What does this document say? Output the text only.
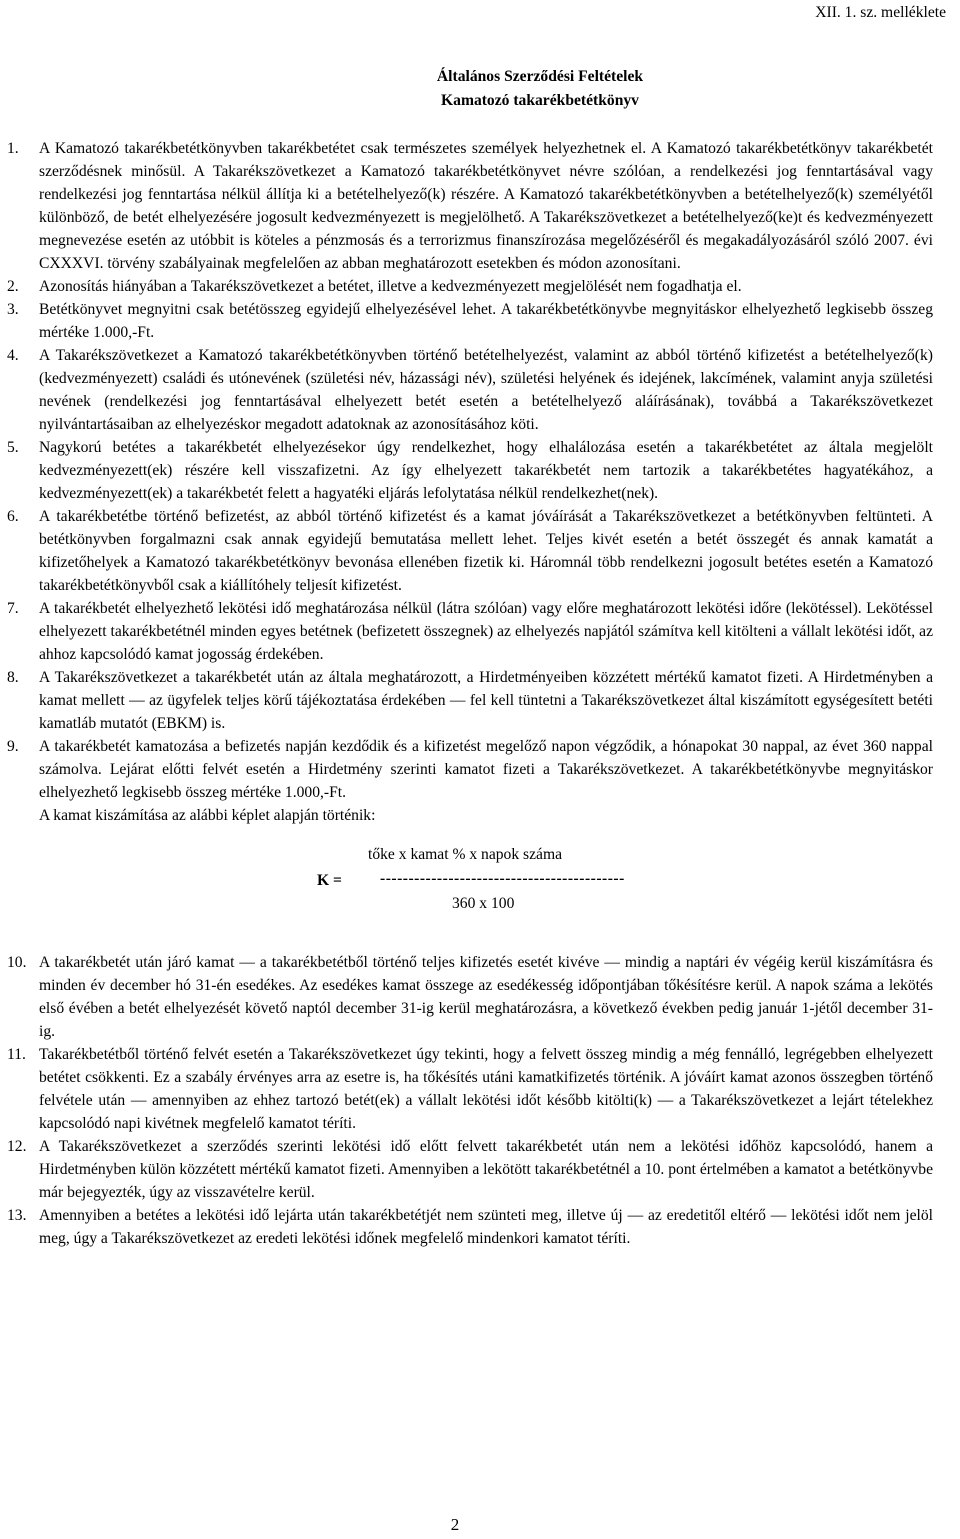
XII. 1. sz. melléklete
Általános Szerződési Feltételek
Kamatozó takarékbetétkönyv
1. A Kamatozó takarékbetétkönyvben takarékbetétet csak természetes személyek helyezhetnek el. A Kamatozó takarékbetétkönyv takarékbetét szerződésnek minősül. A Takarékszövetkezet a Kamatozó takarékbetétkönyvet névre szólóan, a rendelkezési jog fenntartásával vagy rendelkezési jog fenntartása nélkül állítja ki a betételhelyező(k) részére. A Kamatozó takarékbetétkönyvben a betételhelyező(k) személyétől különböző, de betét elhelyezésére jogosult kedvezményezett is megjelölhető. A Takarékszövetkezet a betételhelyező(ke)t és kedvezményezett megnevezése esetén az utóbbit is köteles a pénzmosás és a terrorizmus finanszírozása megelőzéséről és megakadályozásáról szóló 2007. évi CXXXVI. törvény szabályainak megfelelően az abban meghatározott esetekben és módon azonosítani.

2. Azonosítás hiányában a Takarékszövetkezet a betétet, illetve a kedvezményezett megjelölését nem fogadhatja el.

3. Betétkönyvet megnyitni csak betétösszeg egyidejű elhelyezésével lehet. A takarékbetétkönyvbe megnyitáskor elhelyezhető legkisebb összeg mértéke 1.000,-Ft.

4. A Takarékszövetkezet a Kamatozó takarékbetétkönyvben történő betételhelyezést, valamint az abból történő kifizetést a betételhelyező(k) (kedvezményezett) családi és utónevének (születési név, házassági név), születési helyének és idejének, lakcímének, valamint anyja születési nevének (rendelkezési jog fenntartásával elhelyezett betét esetén a betételhelyező aláírásának), továbbá a Takarékszövetkezet nyilvántartásaiban az elhelyezéskor megadott adatoknak az azonosításához köti.

5. Nagykorú betétes a takarékbetét elhelyezésekor úgy rendelkezhet, hogy elhalálozása esetén a takarékbetétet az általa megjelölt kedvezményezett(ek) részére kell visszafizetni. Az így elhelyezett takarékbetét nem tartozik a takarékbetétes hagyatékához, a kedvezményezett(ek) a takarékbetét felett a hagyatéki eljárás lefolytatása nélkül rendelkezhet(nek).

6. A takarékbetétbe történő befizetést, az abból történő kifizetést és a kamat jóváírását a Takarékszövetkezet a betétkönyvben feltünteti. A betétkönyvben forgalmazni csak annak egyidejű bemutatása mellett lehet. Teljes kivét esetén a betét összegét és annak kamatát a kifizetőhelyek a Kamatozó takarékbetétkönyv bevonása ellenében fizetik ki. Háromnál több rendelkezni jogosult betétes esetén a Kamatozó takarékbetétkönyvből csak a kiállítóhely teljesít kifizetést.

7. A takarékbetét elhelyezhető lekötési idő meghatározása nélkül (látra szólóan) vagy előre meghatározott lekötési időre (lekötéssel). Lekötéssel elhelyezett takarékbetétnél minden egyes betétnek (befizetett összegnek) az elhelyezés napjától számítva kell kitölteni a vállalt lekötési időt, az ahhoz kapcsolódó kamat jogosság érdekében.

8. A Takarékszövetkezet a takarékbetét után az általa meghatározott, a Hirdetményeiben közzétett mértékű kamatot fizeti. A Hirdetményben a kamat mellett — az ügyfelek teljes körű tájékoztatása érdekében — fel kell tüntetni a Takarékszövetkezet által kiszámított egységesített betéti kamatláb mutatót (EBKM) is.

9. A takarékbetét kamatozása a befizetés napján kezdődik és a kifizetést megelőző napon végződik, a hónapokat 30 nappal, az évet 360 nappal számolva. Lejárat előtti felvét esetén a Hirdetmény szerinti kamatot fizeti a Takarékszövetkezet. A takarékbetétkönyvbe megnyitáskor elhelyezhető legkisebb összeg mértéke 1.000,-Ft.

A kamat kiszámítása az alábbi képlet alapján történik:

tőke x kamat % x napok száma
K = -------------------------------------------
360 x 100
10. A takarékbetét után járó kamat — a takarékbetétből történő teljes kifizetés esetét kivéve — mindig a naptári év végéig kerül kiszámításra és minden év december hó 31-én esedékes. Az esedékes kamat összege az esedékesség időpontjában tőkésítésre kerül. A napok száma a lekötés első évében a betét elhelyezését követő naptól december 31-ig kerül meghatározásra, a következő években pedig január 1-jétől december 31-ig.

11. Takarékbetétből történő felvét esetén a Takarékszövetkezet úgy tekinti, hogy a felvett összeg mindig a még fennálló, legrégebben elhelyezett betétet csökkenti. Ez a szabály érvényes arra az esetre is, ha tőkésítés utáni kamatkifizetés történik. A jóváírt kamat azonos összegben történő felvétele után — amennyiben az ehhez tartozó betét(ek) a vállalt lekötési időt később kitölti(k) — a Takarékszövetkezet a lejárt tételekhez kapcsolódó napi kivétnek megfelelő kamatot téríti.

12. A Takarékszövetkezet a szerződés szerinti lekötési idő előtt felvett takarékbetét után nem a lekötési időhöz kapcsolódó, hanem a Hirdetményben külön közzétett mértékű kamatot fizeti. Amennyiben a lekötött takarékbetétnél a 10. pont értelmében a kamatot a betétkönyvbe már bejegyezték, úgy az visszavételre kerül.

13. Amennyiben a betétes a lekötési idő lejárta után takarékbetétjét nem szünteti meg, illetve új — az eredetitől eltérő — lekötési időt nem jelöl meg, úgy a Takarékszövetkezet az eredeti lekötési időnek megfelelő mindenkori kamatot téríti.

2
